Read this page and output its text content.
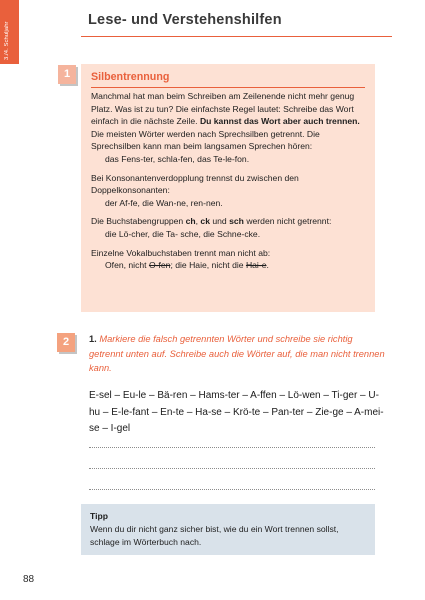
3./4. Schuljahr
Lese- und Verstehenshilfen
1	Silbentrennung

Manchmal hat man beim Schreiben am Zeilenende nicht mehr genug Platz. Was ist zu tun? Die einfachste Regel lautet: Schreibe das Wort einfach in die nächste Zeile. Du kannst das Wort aber auch trennen. Die meisten Wörter werden nach Sprechsilben getrennt. Die Sprechsilben kann man beim langsamen Sprechen hören:
das Fens-ter, schla-fen, das Te-le-fon.

Bei Konsonantenverdopplung trennst du zwischen den Doppelkonsonanten:
der Af-fe, die Wan-ne, ren-nen.

Die Buchstabengruppen ch, ck und sch werden nicht getrennt:
die Lö-cher, die Ta- sche, die Schne-cke.

Einzelne Vokalbuchstaben trennt man nicht ab:
Ofen, nicht O-fen; die Haie, nicht die Hai-e.

2	1. Markiere die falsch getrennten Wörter und schreibe sie richtig getrennt unten auf. Schreibe auch die Wörter auf, die man nicht trennen kann.
E-sel – Eu-le – Bä-ren – Hams-ter – A-ffen – Lö-wen – Ti-ger – U-hu – E-le-fant – En-te – Ha-se – Krö-te – Pan-ter – Zie-ge – A-mei-se – I-gel
Tipp
Wenn du dir nicht ganz sicher bist, wie du ein Wort trennen sollst, schlage im Wörterbuch nach.
88
